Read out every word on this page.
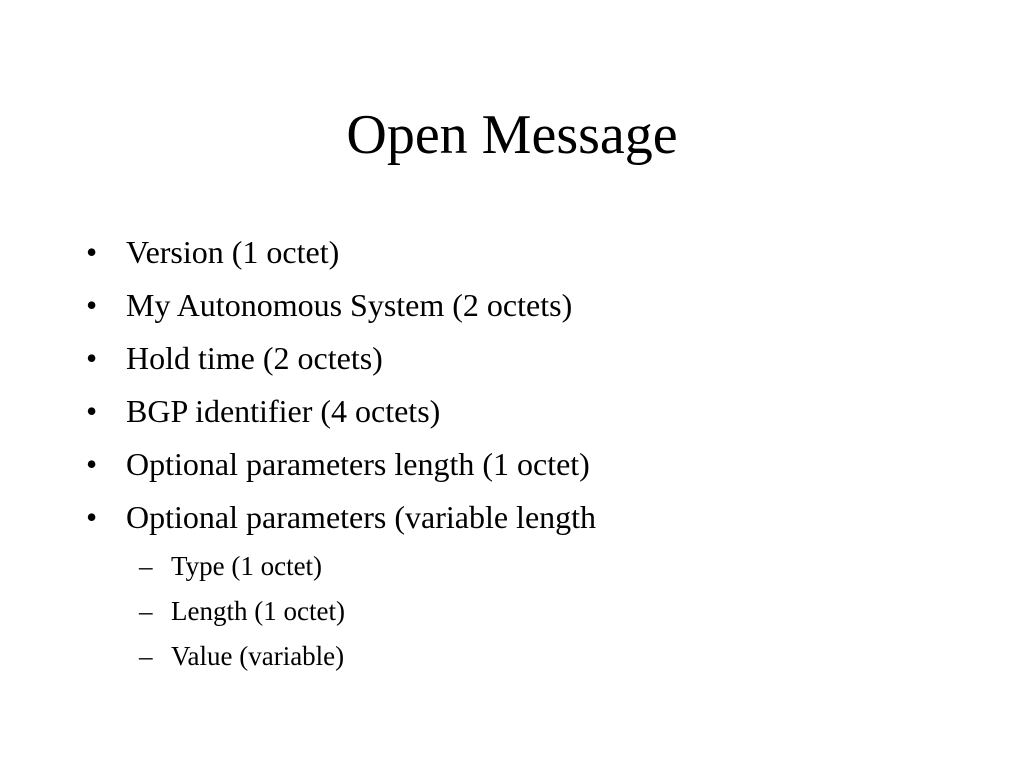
Open Message
• Version (1 octet)
• My Autonomous System (2 octets)
• Hold time (2 octets)
• BGP identifier (4 octets)
• Optional parameters length (1 octet)
• Optional parameters (variable length
– Type (1 octet)
– Length (1 octet)
– Value (variable)
